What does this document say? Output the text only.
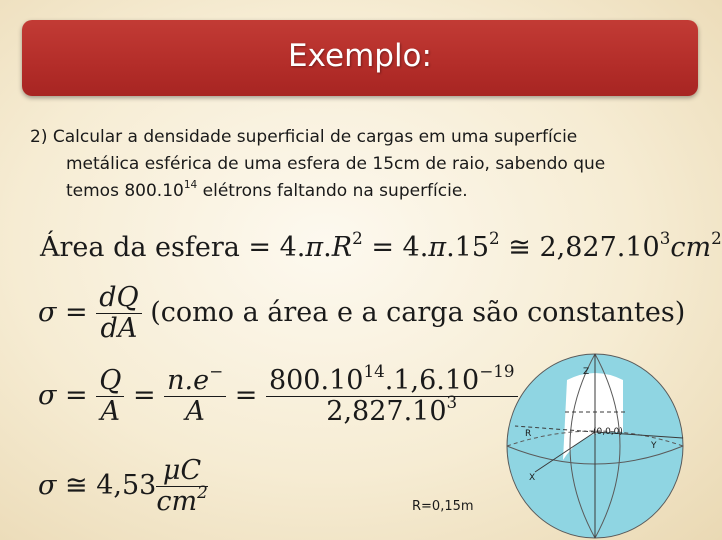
Exemplo:
2) Calcular a densidade superficial de cargas em uma superfície
metálica esférica de uma esfera de 15cm de raio, sabendo que
temos 800.10$^{14}$ elétrons faltando na superfície.
Área da esfera = $4.\pi.R^2 = 4.\pi.15^2$ ≅ $2,827.10^3cm^2$
$\sigma = \frac{dQ}{dA}$ (como a área e a carga são constantes)
$\sigma = \frac{Q}{A} = \frac{n.e^-}{A} = \frac{800.10^{14}.1,6.10^{-19}}{2,827.10^3}$
σ ≅ $4,53 \frac{\mu C}{cm^2}$
Z
R	(0,0,0)
Y
X
R=0,15m
